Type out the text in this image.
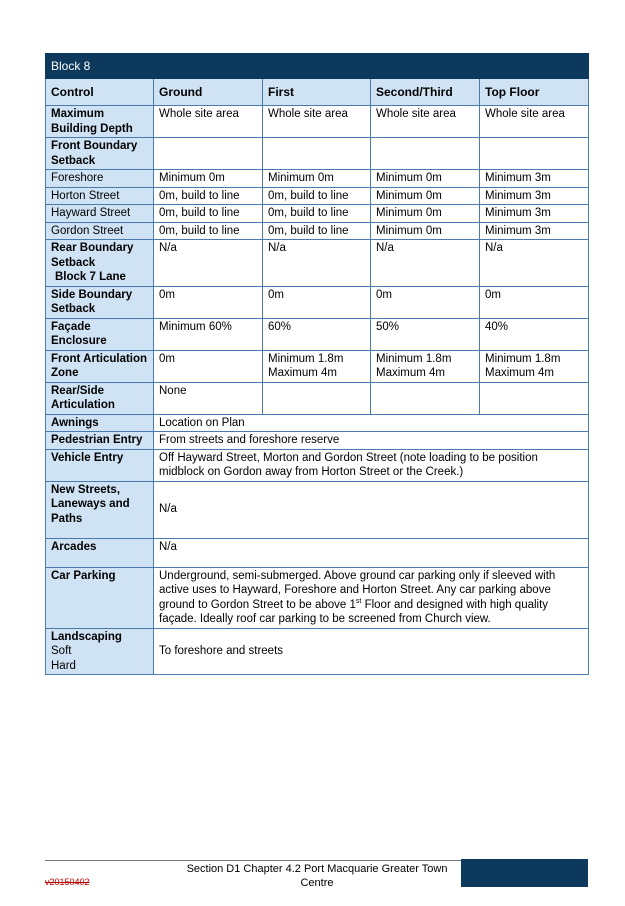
Block 8				
Control	Ground	First	Second/Third	Top Floor
Maximum Building Depth	Whole site area	Whole site area	Whole site area	Whole site area
Front Boundary Setback				
Foreshore	Minimum 0m	Minimum 0m	Minimum 0m	Minimum 3m
Horton Street	0m, build to line	0m, build to line	Minimum 0m	Minimum 3m
Hayward Street	0m, build to line	0m, build to line	Minimum 0m	Minimum 3m
Gordon Street	0m, build to line	0m, build to line	Minimum 0m	Minimum 3m

Rear Boundary Setback
Block 7 Lane	N/a	N/a	N/a	N/a
Side Boundary Setback	0m	0m	0m	0m
Façade Enclosure	Minimum 60%	60%	50%	40%
Front Articulation Zone	0m	Minimum 1.8m Maximum 4m	Minimum 1.8m Maximum 4m	Minimum 1.8m Maximum 4m
Rear/Side Articulation	None			
Awnings	Location on Plan			
Pedestrian Entry	From streets and foreshore reserve			
Vehicle Entry	Off Hayward Street, Morton and Gordon Street (note loading to be position midblock on Gordon away from Horton Street or the Creek.)			
New Streets, Laneways and Paths	N/a			
Arcades	N/a			
Car Parking	Underground, semi-submerged. Above ground car parking only if sleeved with active uses to Hayward, Foreshore and Horton Street. Any car parking above ground to Gordon Street to be above 1st Floor and designed with high quality façade. Ideally roof car parking to be screened from Church view.			

Landscaping
Soft
Hard	To foreshore and streets			
Section D1 Chapter 4.2 Port Macquarie Greater Town Centre
v20150402
